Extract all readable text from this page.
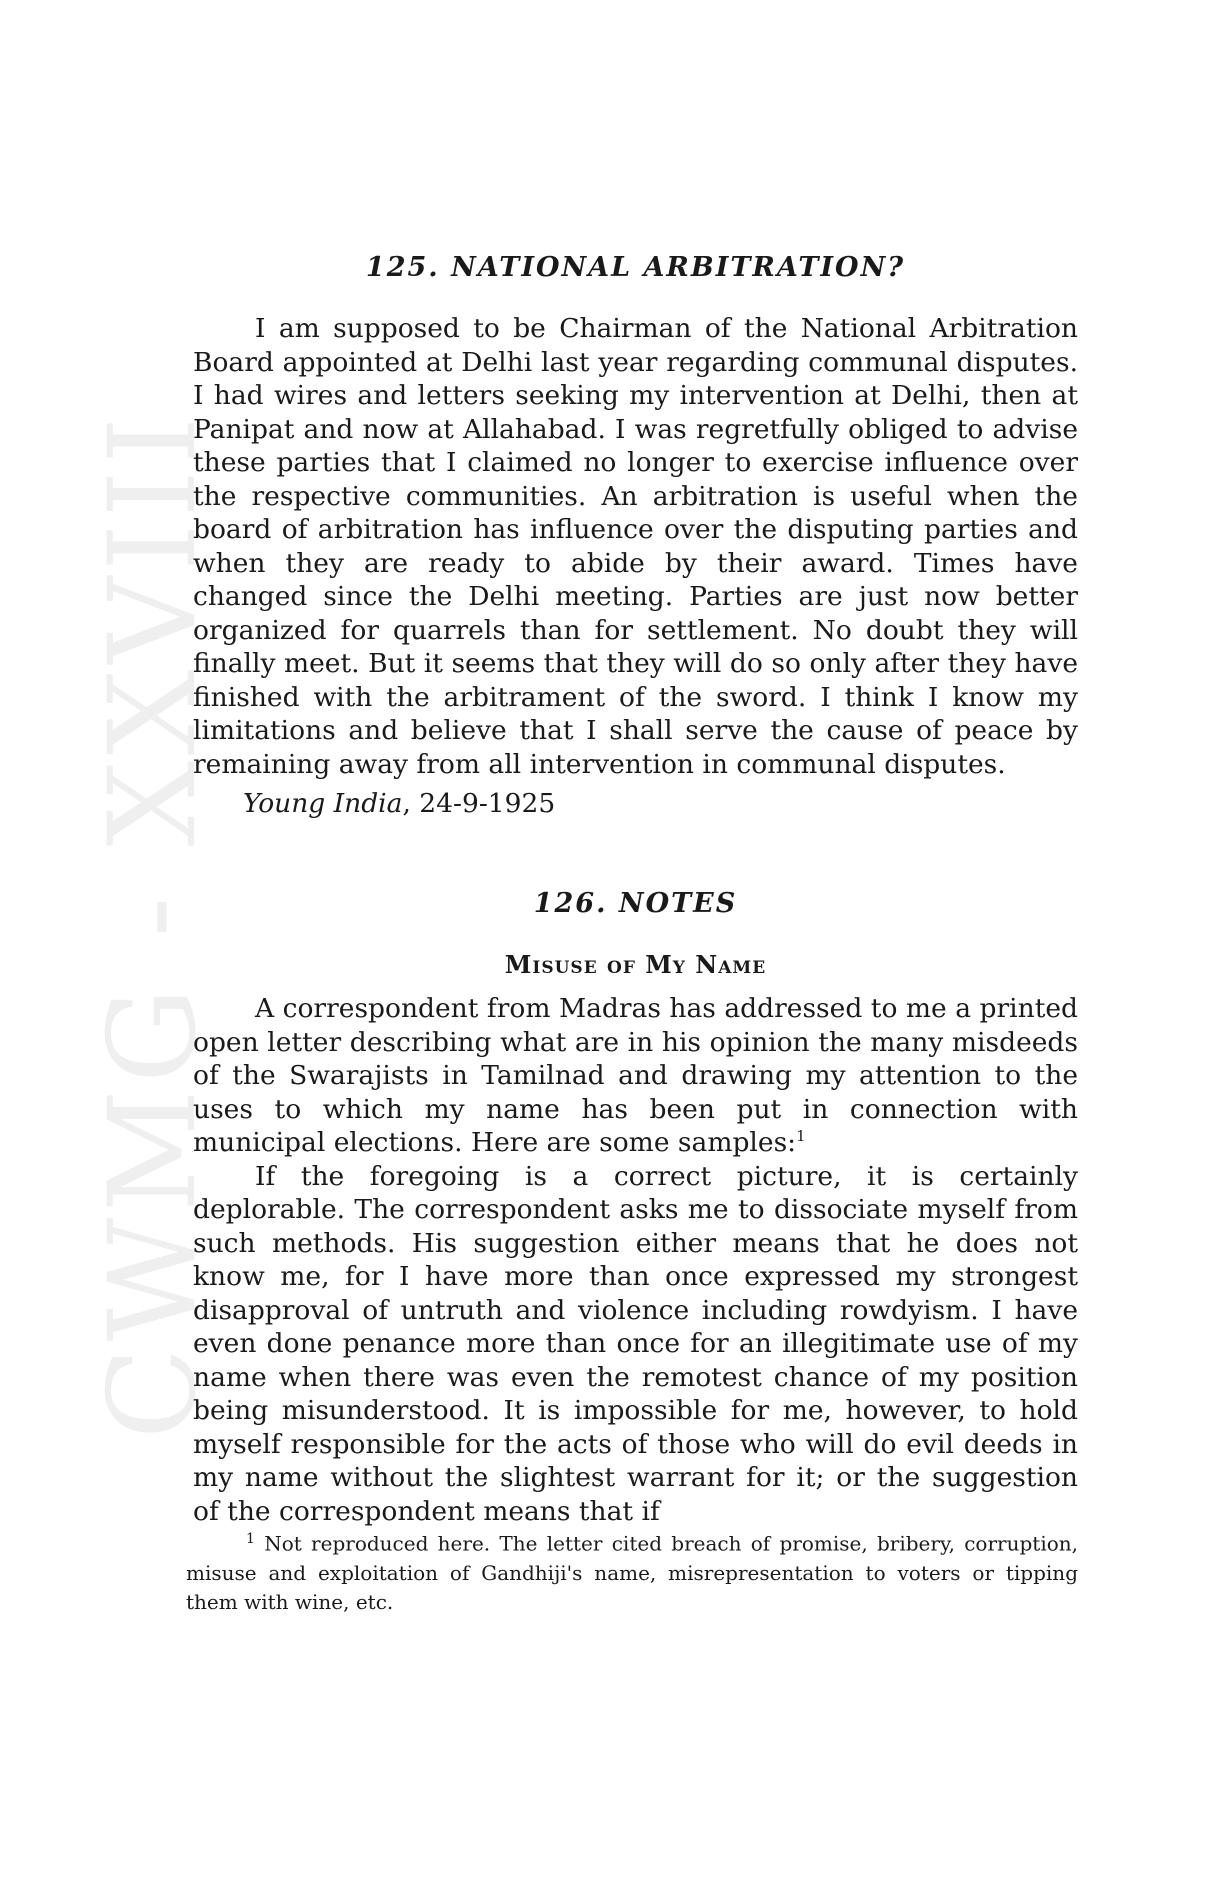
CWMG - XXVIII
125. NATIONAL ARBITRATION?

I am supposed to be Chairman of the National Arbitration Board appointed at Delhi last year regarding communal disputes. I had wires and letters seeking my intervention at Delhi, then at Panipat and now at Allahabad. I was regretfully obliged to advise these parties that I claimed no longer to exercise influence over the respective communities. An arbitration is useful when the board of arbitration has influence over the disputing parties and when they are ready to abide by their award. Times have changed since the Delhi meeting. Parties are just now better organized for quarrels than for settlement. No doubt they will finally meet. But it seems that they will do so only after they have finished with the arbitrament of the sword. I think I know my limitations and believe that I shall serve the cause of peace by remaining away from all intervention in communal disputes.

Young India, 24-9-1925

126. NOTES
Misuse of My Name

A correspondent from Madras has addressed to me a printed open letter describing what are in his opinion the many misdeeds of the Swarajists in Tamilnad and drawing my attention to the uses to which my name has been put in connection with municipal elections. Here are some samples:$^1$

If the foregoing is a correct picture, it is certainly deplorable. The correspondent asks me to dissociate myself from such methods. His suggestion either means that he does not know me, for I have more than once expressed my strongest disapproval of untruth and violence including rowdyism. I have even done penance more than once for an illegitimate use of my name when there was even the remotest chance of my position being misunderstood. It is impossible for me, however, to hold myself responsible for the acts of those who will do evil deeds in my name without the slightest warrant for it; or the suggestion of the correspondent means that if

$^1$ Not reproduced here. The letter cited breach of promise, bribery, corruption, misuse and exploitation of Gandhiji's name, misrepresentation to voters or tipping them with wine, etc.
